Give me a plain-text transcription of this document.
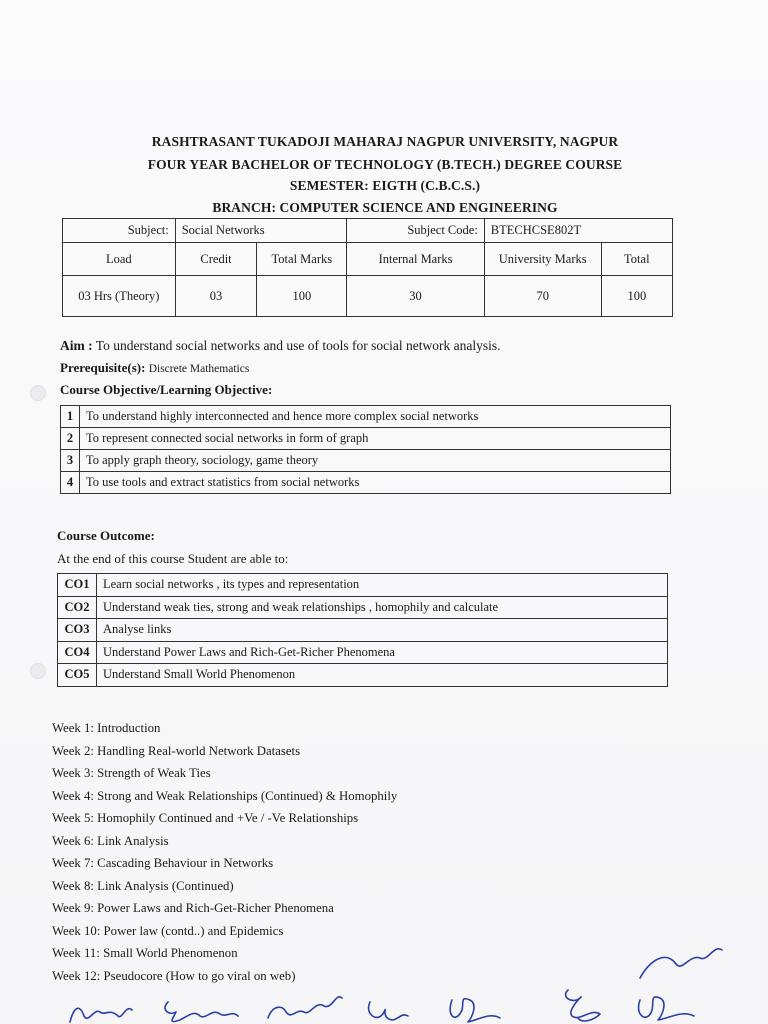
RASHTRASANT TUKADOJI MAHARAJ NAGPUR UNIVERSITY, NAGPUR
FOUR YEAR BACHELOR OF TECHNOLOGY (B.TECH.) DEGREE COURSE
SEMESTER: EIGTH (C.B.C.S.)
BRANCH: COMPUTER SCIENCE AND ENGINEERING
Subject:	Social Networks		Subject Code:	BTECHCSE802T	
Load	Credit	Total Marks	Internal Marks	University Marks	Total
03 Hrs (Theory)	03	100	30	70	100
Aim : To understand social networks and use of tools for social network analysis.
Prerequisite(s): Discrete Mathematics
Course Objective/Learning Objective:
1	To understand highly interconnected and hence more complex social networks
2	To represent connected social networks in form of graph
3	To apply graph theory, sociology, game theory
4	To use tools and extract statistics from social networks
Course Outcome:
At the end of this course Student are able to:
CO1	Learn social networks , its types and representation
CO2	Understand weak ties, strong and weak relationships , homophily and calculate
CO3	Analyse links
CO4	Understand Power Laws and Rich-Get-Richer Phenomena
CO5	Understand Small World Phenomenon
Week 1: Introduction
Week 2: Handling Real-world Network Datasets
Week 3: Strength of Weak Ties
Week 4: Strong and Weak Relationships (Continued) & Homophily
Week 5: Homophily Continued and +Ve / -Ve Relationships
Week 6: Link Analysis
Week 7: Cascading Behaviour in Networks
Week 8: Link Analysis (Continued)
Week 9: Power Laws and Rich-Get-Richer Phenomena
Week 10: Power law (contd..) and Epidemics
Week 11: Small World Phenomenon
Week 12: Pseudocore (How to go viral on web)
